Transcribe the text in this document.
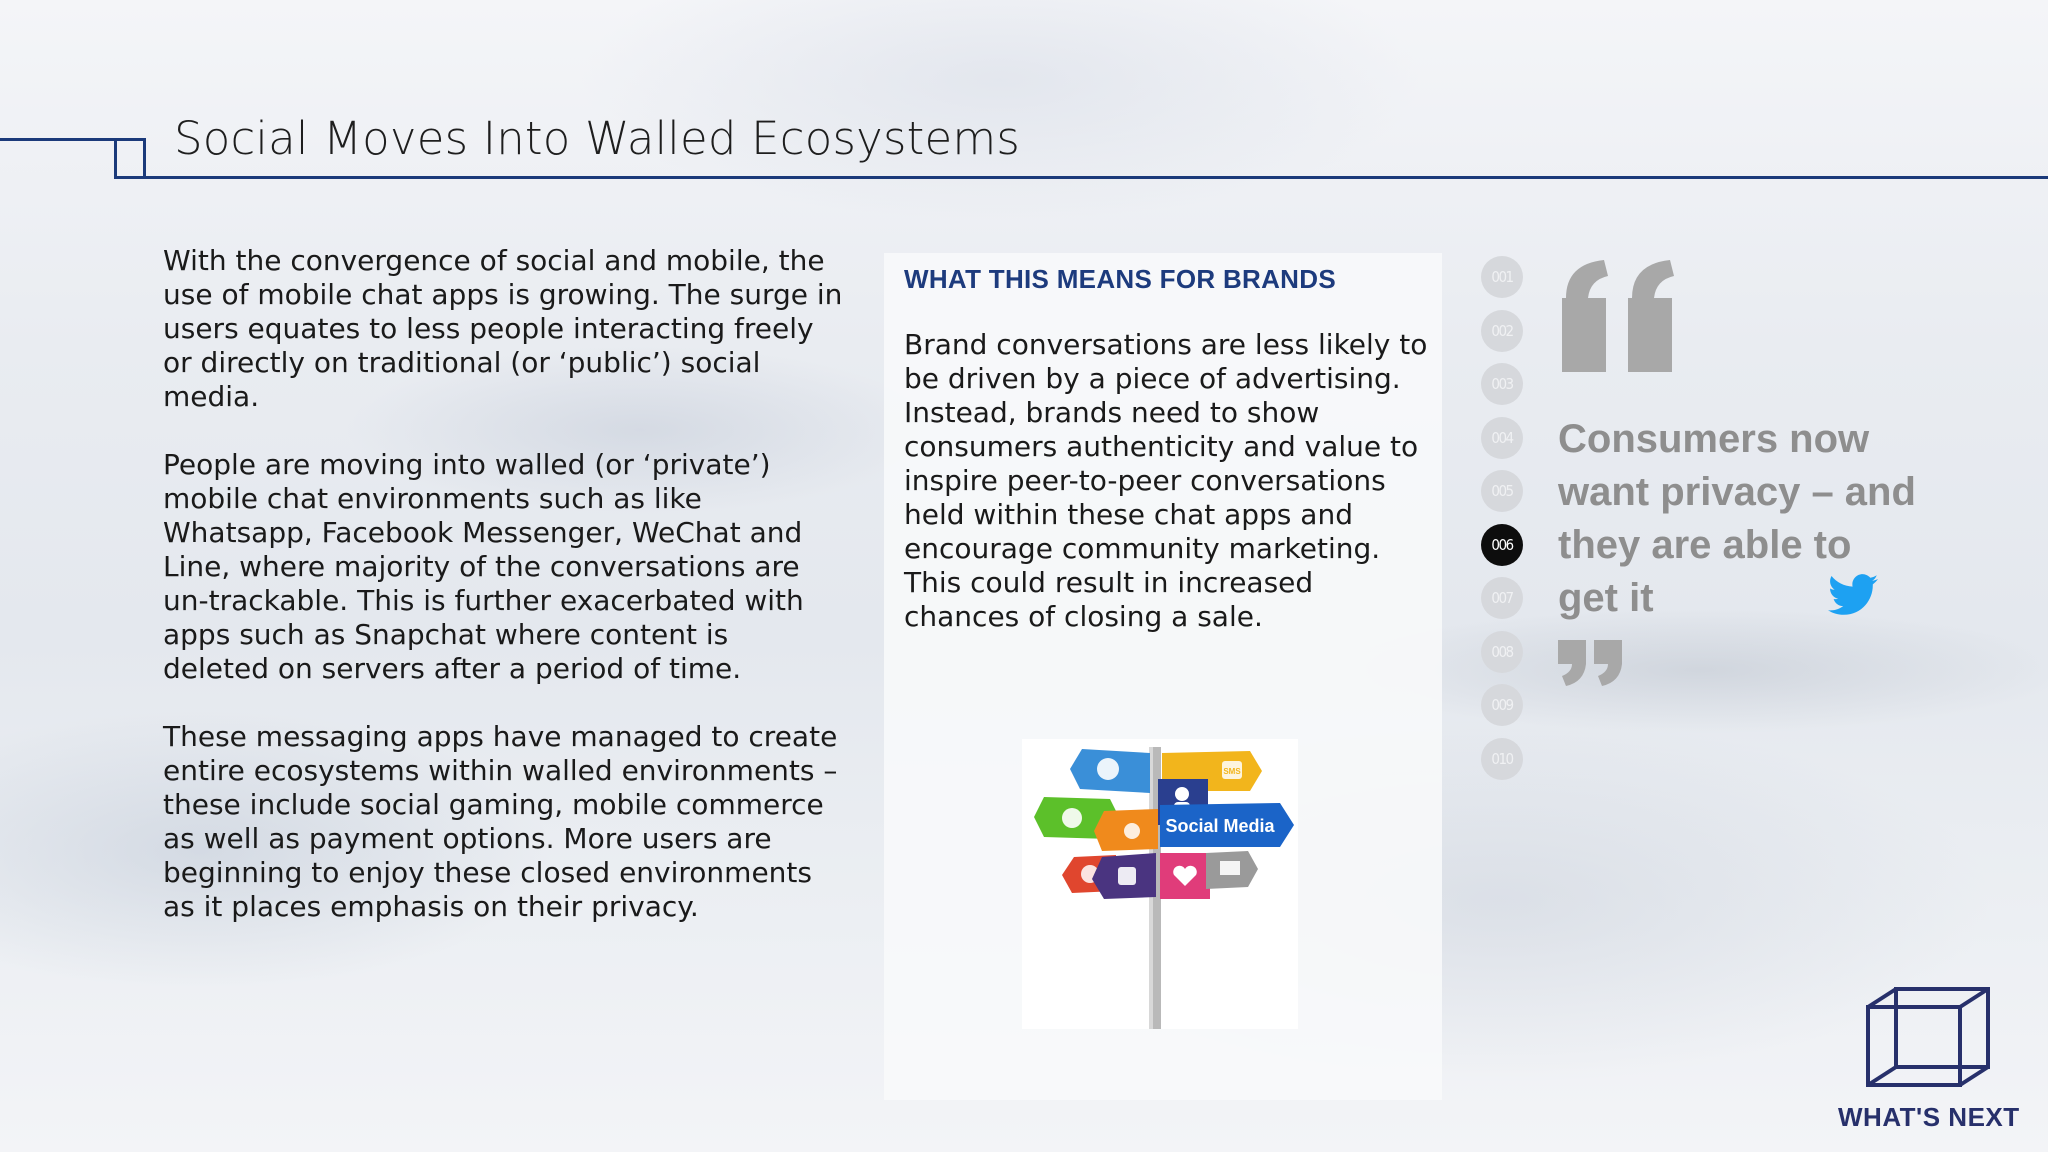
Social Moves Into Walled Ecosystems

With the convergence of social and mobile, the use of mobile chat apps is growing. The surge in users equates to less people interacting freely or directly on traditional (or ‘public’) social media.

People are moving into walled (or ‘private’) mobile chat environments such as like Whatsapp, Facebook Messenger, WeChat and Line, where majority of the conversations are un-trackable. This is further exacerbated with apps such as Snapchat where content is deleted on servers after a period of time.

These messaging apps have managed to create entire ecosystems within walled environments – these include social gaming, mobile commerce as well as payment options. More users are beginning to enjoy these closed environments as it places emphasis on their privacy.

WHAT THIS MEANS FOR BRANDS
Brand conversations are less likely to be driven by a piece of advertising. Instead, brands need to show consumers authenticity and value to inspire peer-to-peer conversations held within these chat apps and encourage community marketing. This could result in increased chances of closing a sale.
SMS
Social Media
001
002
003
004
005
006
007
008
009
010
Consumers now want privacy – and they are able to get it
WHAT'S NEXT
